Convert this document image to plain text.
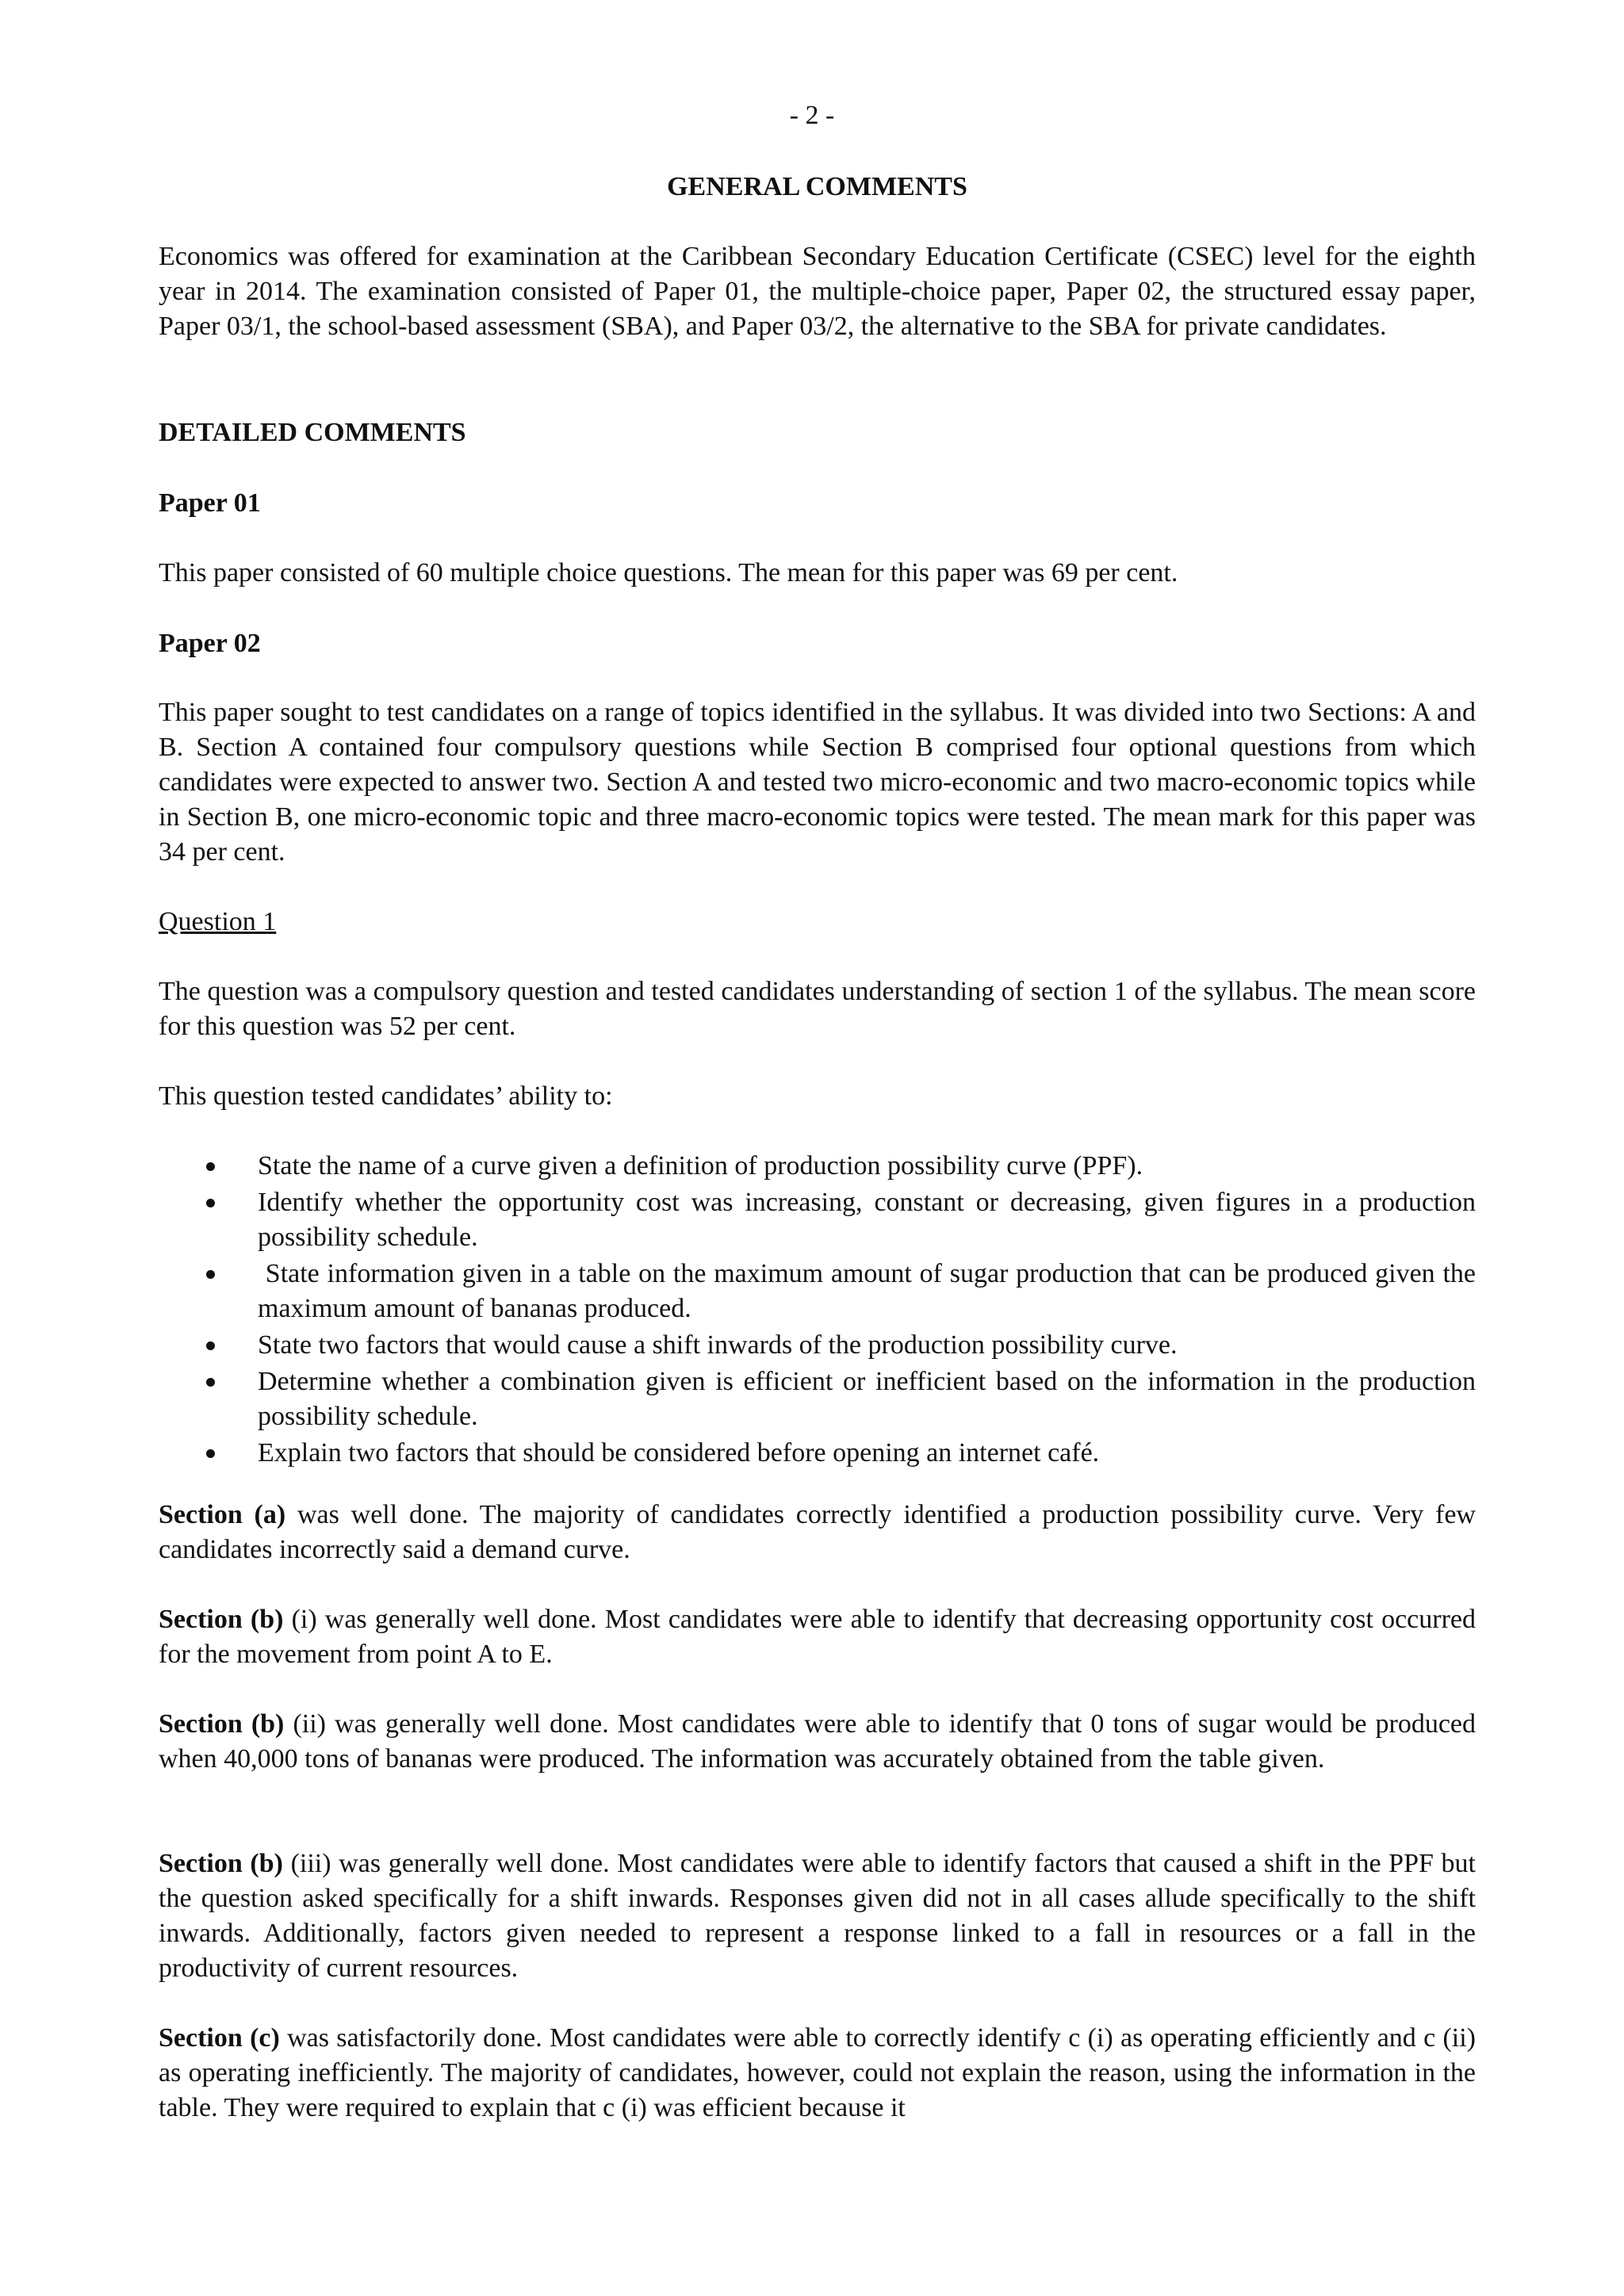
- 2 -
GENERAL COMMENTS

Economics was offered for examination at the Caribbean Secondary Education Certificate (CSEC) level for the eighth year in 2014. The examination consisted of Paper 01, the multiple-choice paper, Paper 02, the structured essay paper, Paper 03/1, the school-based assessment (SBA), and Paper 03/2, the alternative to the SBA for private candidates.

DETAILED COMMENTS
Paper 01

This paper consisted of 60 multiple choice questions. The mean for this paper was 69 per cent.

Paper 02

This paper sought to test candidates on a range of topics identified in the syllabus. It was divided into two Sections: A and B. Section A contained four compulsory questions while Section B comprised four optional questions from which candidates were expected to answer two. Section A and tested two micro-economic and two macro-economic topics while in Section B, one micro-economic topic and three macro-economic topics were tested. The mean mark for this paper was 34 per cent.

Question 1

The question was a compulsory question and tested candidates understanding of section 1 of the syllabus. The mean score for this question was 52 per cent.

This question tested candidates’ ability to:

State the name of a curve given a definition of production possibility curve (PPF).
Identify whether the opportunity cost was increasing, constant or decreasing, given figures in a production possibility schedule.
State information given in a table on the maximum amount of sugar production that can be produced given the maximum amount of bananas produced.
State two factors that would cause a shift inwards of the production possibility curve.
Determine whether a combination given is efficient or inefficient based on the information in the production possibility schedule.
Explain two factors that should be considered before opening an internet café.

Section (a) was well done. The majority of candidates correctly identified a production possibility curve. Very few candidates incorrectly said a demand curve.

Section (b) (i) was generally well done. Most candidates were able to identify that decreasing opportunity cost occurred for the movement from point A to E.

Section (b) (ii) was generally well done. Most candidates were able to identify that 0 tons of sugar would be produced when 40,000 tons of bananas were produced. The information was accurately obtained from the table given.

Section (b) (iii) was generally well done. Most candidates were able to identify factors that caused a shift in the PPF but the question asked specifically for a shift inwards. Responses given did not in all cases allude specifically to the shift inwards. Additionally, factors given needed to represent a response linked to a fall in resources or a fall in the productivity of current resources.

Section (c) was satisfactorily done. Most candidates were able to correctly identify c (i) as operating efficiently and c (ii) as operating inefficiently. The majority of candidates, however, could not explain the reason, using the information in the table. They were required to explain that c (i) was efficient because it
